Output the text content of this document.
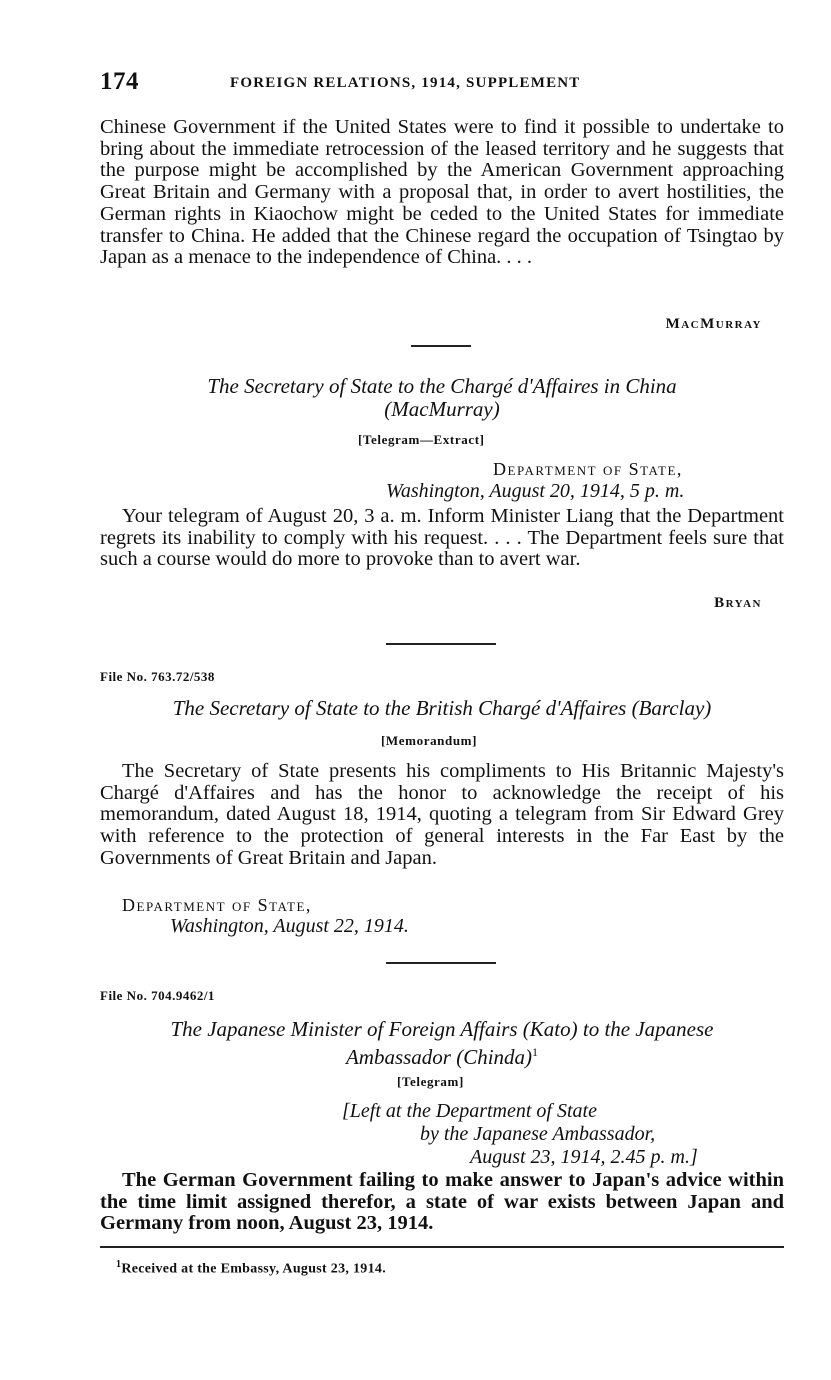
174	FOREIGN RELATIONS, 1914, SUPPLEMENT
Chinese Government if the United States were to find it possible to undertake to bring about the immediate retrocession of the leased territory and he suggests that the purpose might be accomplished by the American Government approaching Great Britain and Germany with a proposal that, in order to avert hostilities, the German rights in Kiaochow might be ceded to the United States for immediate transfer to China. He added that the Chinese regard the occupation of Tsingtao by Japan as a menace to the independence of China. . . .
MacMurray
The Secretary of State to the Chargé d'Affaires in China
(MacMurray)
[Telegram—Extract]
Department of State,
Washington, August 20, 1914, 5 p. m.
Your telegram of August 20, 3 a. m. Inform Minister Liang that the Department regrets its inability to comply with his request. . . . The Department feels sure that such a course would do more to provoke than to avert war.
Bryan
File No. 763.72/538
The Secretary of State to the British Chargé d'Affaires (Barclay)
[Memorandum]
The Secretary of State presents his compliments to His Britannic Majesty's Chargé d'Affaires and has the honor to acknowledge the receipt of his memorandum, dated August 18, 1914, quoting a telegram from Sir Edward Grey with reference to the protection of general interests in the Far East by the Governments of Great Britain and Japan.
Department of State,
Washington, August 22, 1914.
File No. 704.9462/1
The Japanese Minister of Foreign Affairs (Kato) to the Japanese
Ambassador (Chinda)$^1$
[Telegram]
[Left at the Department of State
by the Japanese Ambassador,
August 23, 1914, 2.45 p. m.]
The German Government failing to make answer to Japan's advice within the time limit assigned therefor, a state of war exists between Japan and Germany from noon, August 23, 1914.
$^1$Received at the Embassy, August 23, 1914.
